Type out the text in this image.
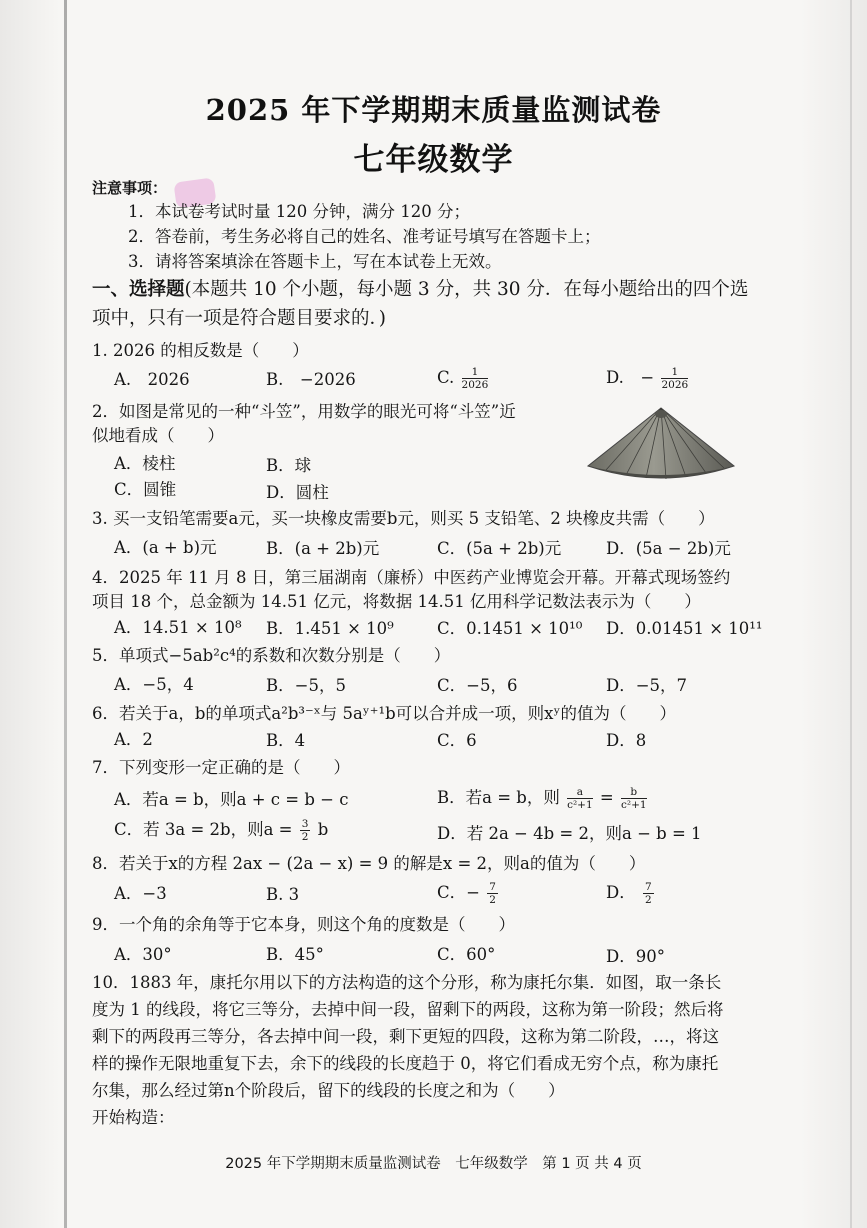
2025 年下学期期末质量监测试卷
七年级数学
注意事项：
1．本试卷考试时量 120 分钟，满分 120 分；
2．答卷前，考生务必将自己的姓名、准考证号填写在答题卡上；
3．请将答案填涂在答题卡上，写在本试卷上无效。
一、选择题(本题共 10 个小题，每小题 3 分，共 30 分．在每小题给出的四个选
项中，只有一项是符合题目要求的．)
1. 2026 的相反数是（　　）
A.　2026	B.　−2026	C. $\frac{1}{2026}$	D.　− $\frac{1}{2026}$
2．如图是常见的一种“斗笠”，用数学的眼光可将“斗笠”近
似地看成（　　）
A．棱柱	B．球
C．圆锥	D．圆柱
3. 买一支铅笔需要a元，买一块橡皮需要b元，则买 5 支铅笔、2 块橡皮共需（　　）
A．(a + b)元	B．(a + 2b)元	C．(5a + 2b)元	D．(5a − 2b)元
4．2025 年 11 月 8 日，第三届湖南（廉桥）中医药产业博览会开幕。开幕式现场签约
项目 18 个，总金额为 14.51 亿元，将数据 14.51 亿用科学记数法表示为（　　）
A．14.51 × 10⁸ B．1.451 × 10⁹	C．0.1451 × 10¹⁰ D．0.01451 × 10¹¹
5．单项式−5ab²c⁴的系数和次数分别是（　　）
A．−5，4	B．−5，5	C．−5，6	D．−5，7
6．若关于a，b的单项式a²b³⁻ˣ与 5aʸ⁺¹b可以合并成一项，则xʸ的值为（　　）
A．2	B．4	C．6	D．8
7．下列变形一定正确的是（　　）
A．若a = b，则a + c = b − c	B．若a = b，则 $\frac{a}{\text{c²+1}} = \frac{b}{\text{c²+1}}$
C．若 3a = 2b，则$a = \frac{3}{2}$ b	D．若 2a − 4b = 2，则a − b = 1
8．若关于x的方程 2ax − (2a − x) = 9 的解是x = 2，则a的值为（　　）
A．−3	B. 3	C．− $\frac{7}{2}$	D． $\frac{7}{2}$
9．一个角的余角等于它本身，则这个角的度数是（　　）
A．30°	B．45°	C．60°	D．90°
10．1883 年，康托尔用以下的方法构造的这个分形，称为康托尔集．如图，取一条长
度为 1 的线段，将它三等分，去掉中间一段，留剩下的两段，这称为第一阶段；然后将
剩下的两段再三等分，各去掉中间一段，剩下更短的四段，这称为第二阶段，…，将这
样的操作无限地重复下去，余下的线段的长度趋于 0，将它们看成无穷个点，称为康托
尔集，那么经过第n个阶段后，留下的线段的长度之和为（　　）
开始构造：
2025 年下学期期末质量监测试卷　七年级数学　第 1 页 共 4 页
